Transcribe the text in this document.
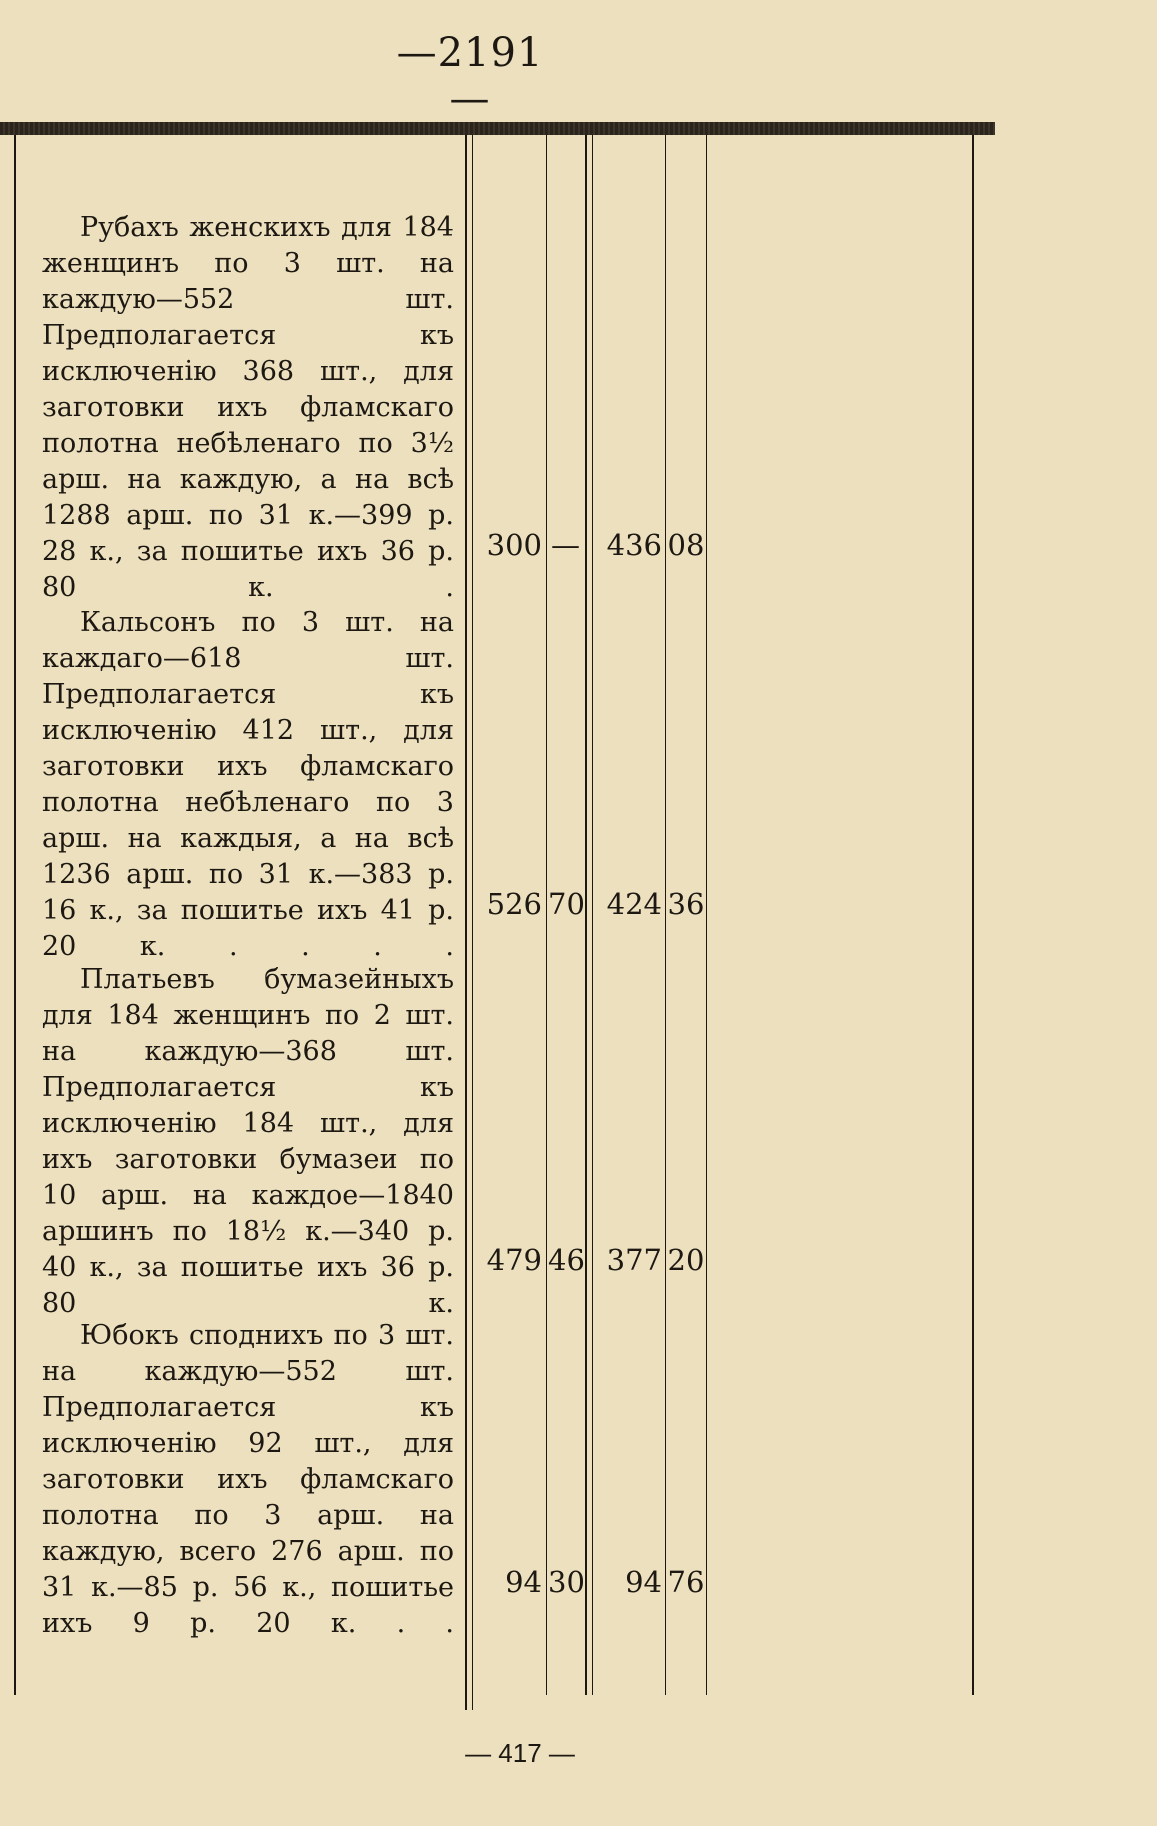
—2191—

Рубахъ женскихъ для 184 женщинъ по 3 шт. на каждую—552 шт. Предполагается къ исключенію 368 шт., для заготовки ихъ фламскаго полотна небѣленаго по 3½ арш. на каждую, а на всѣ 1288 арш. по 31 к.—399 р. 28 к., за пошитье ихъ 36 р. 80 к. .

300 — 436 08

Кальсонъ по 3 шт. на каждаго—618 шт. Предполагается къ исключенію 412 шт., для заготовки ихъ фламскаго полотна небѣленаго по 3 арш. на каждыя, а на всѣ 1236 арш. по 31 к.—383 р. 16 к., за пошитье ихъ 41 р. 20 к. . . . .

526 70 424 36

Платьевъ бумазейныхъ для 184 женщинъ по 2 шт. на каждую—368 шт. Предполагается къ исключенію 184 шт., для ихъ заготовки бумазеи по 10 арш. на каждое—1840 аршинъ по 18½ к.—340 р. 40 к., за пошитье ихъ 36 р. 80 к.

479 46 377 20

Юбокъ споднихъ по 3 шт. на каждую—552 шт. Предполагается къ исключенію 92 шт., для заготовки ихъ фламскаго полотна по 3 арш. на каждую, всего 276 арш. по 31 к.—85 р. 56 к., пошитье ихъ 9 р. 20 к. . .

94 30	94 76
— 417 —
